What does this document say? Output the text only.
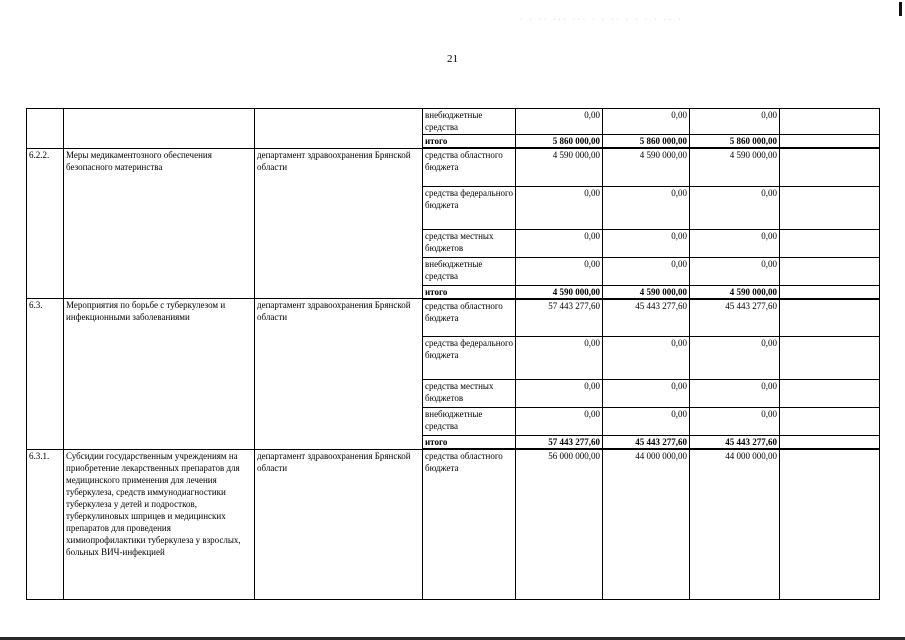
· · ·· ··· ··· · · ·· · · · · ·· ·
21
			внебюджетные средства	0,00	0,00	0,00	
			итого	5 860 000,00	5 860 000,00	5 860 000,00	
6.2.2.	Меры медикаментозного обеспечения безопасного материнства	департамент здравоохранения Брянской области	средства областного бюджета	4 590 000,00	4 590 000,00	4 590 000,00	
			средства федерального бюджета	0,00	0,00	0,00	
			средства местных бюджетов	0,00	0,00	0,00	
			внебюджетные средства	0,00	0,00	0,00	
			итого	4 590 000,00	4 590 000,00	4 590 000,00	
6.3.	Мероприятия по борьбе с туберкулезом и инфекционными заболеваниями	департамент здравоохранения Брянской области	средства областного бюджета	57 443 277,60	45 443 277,60	45 443 277,60	
			средства федерального бюджета	0,00	0,00	0,00	
			средства местных бюджетов	0,00	0,00	0,00	
			внебюджетные средства	0,00	0,00	0,00	
			итого	57 443 277,60	45 443 277,60	45 443 277,60	
6.3.1.	Субсидии государственным учреждениям на приобретение лекарственных препаратов для медицинского применения для лечения туберкулеза, средств иммунодиагностики туберкулеза у детей и подростков, туберкулиновых шприцев и медицинских препаратов для проведения химиопрофилактики туберкулеза у взрослых, больных ВИЧ-инфекцией	департамент здравоохранения Брянской области	средства областного бюджета	56 000 000,00	44 000 000,00	44 000 000,00	
